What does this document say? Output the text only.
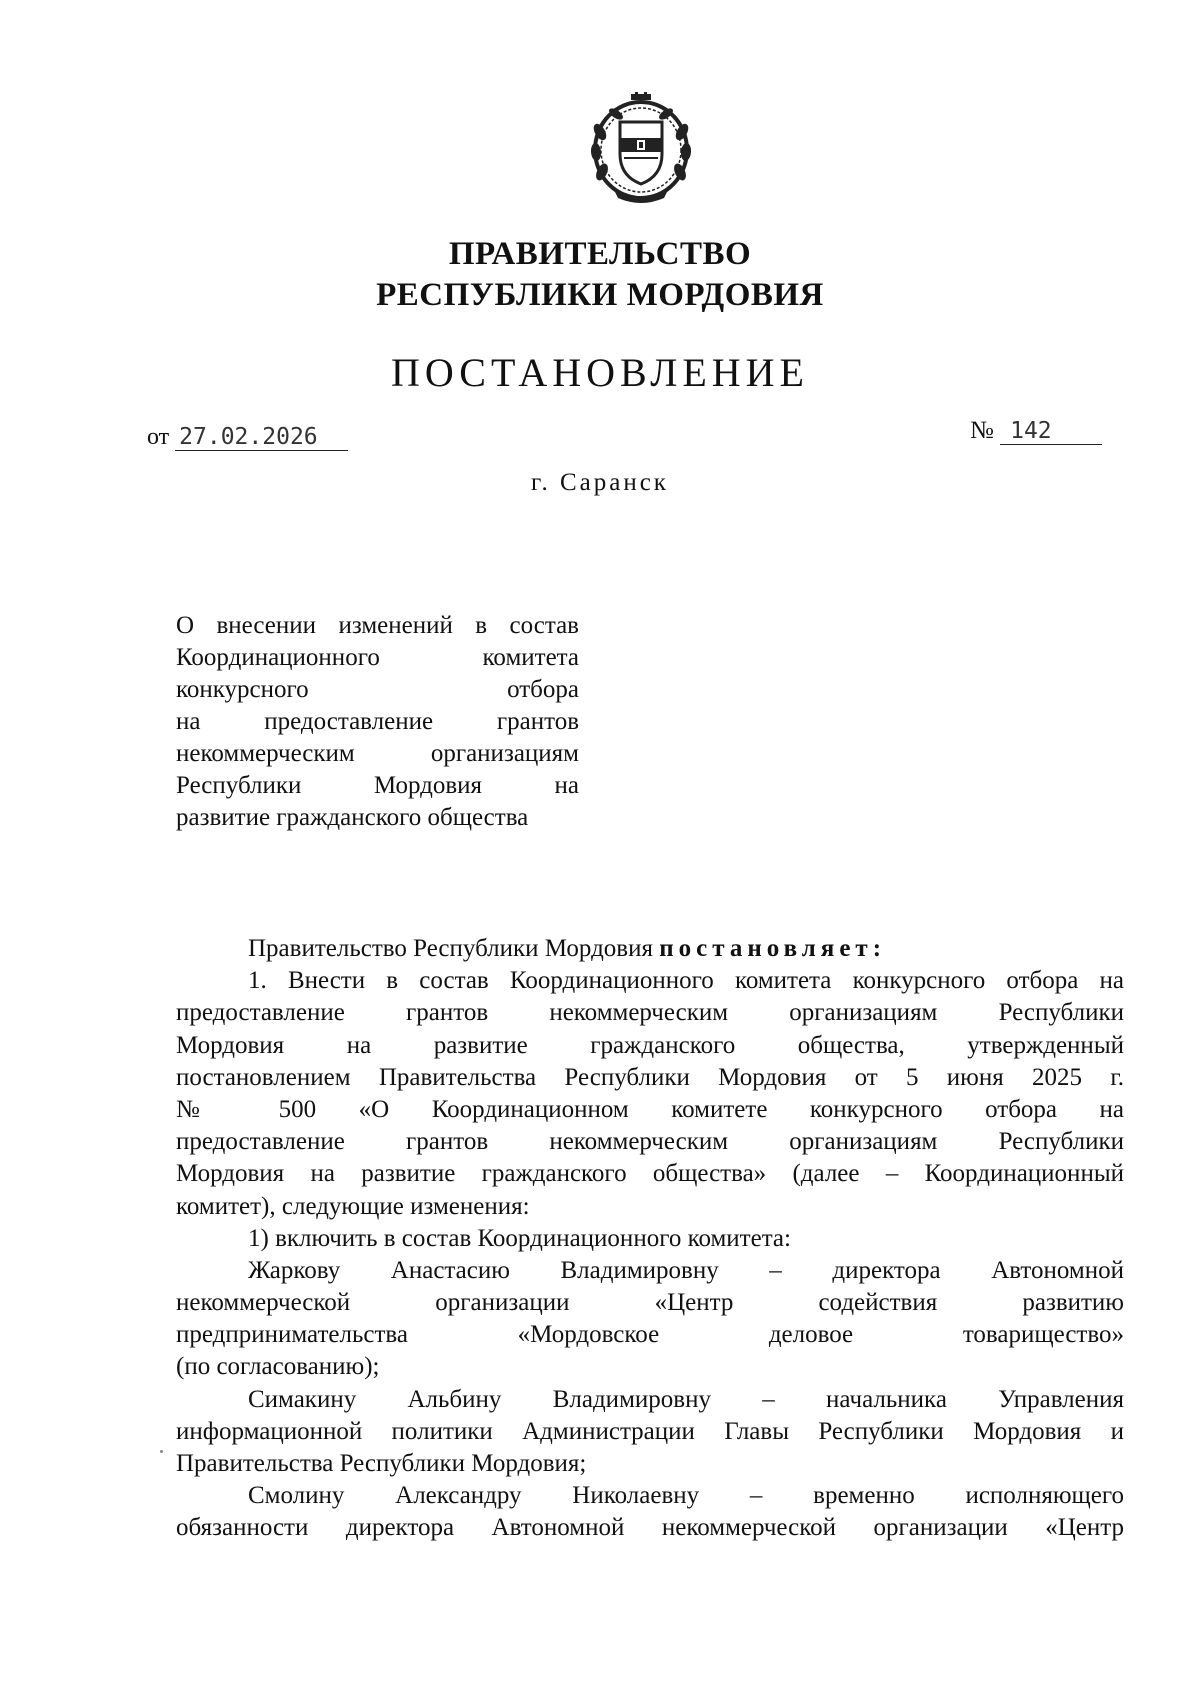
ПРАВИТЕЛЬСТВО
РЕСПУБЛИКИ МОРДОВИЯ
ПОСТАНОВЛЕНИЕ
от 27.02.2026	№ 142
г. Саранск
О внесении изменений в состав
Координационного комитета
конкурсного отбора
на предоставление грантов
некоммерческим организациям
Республики Мордовия на
развитие гражданского общества
Правительство Республики Мордовия постановляет:
1. Внести в состав Координационного комитета конкурсного отбора на
предоставление грантов некоммерческим организациям Республики
Мордовия на развитие гражданского общества, утвержденный
постановлением Правительства Республики Мордовия от 5 июня 2025 г.
№ 500 «О Координационном комитете конкурсного отбора на
предоставление грантов некоммерческим организациям Республики
Мордовия на развитие гражданского общества» (далее – Координационный
комитет), следующие изменения:
1) включить в состав Координационного комитета:
Жаркову Анастасию Владимировну – директора Автономной
некоммерческой организации «Центр содействия развитию
предпринимательства «Мордовское деловое товарищество»
(по согласованию);
Симакину Альбину Владимировну – начальника Управления
информационной политики Администрации Главы Республики Мордовия и
Правительства Республики Мордовия;
Смолину Александру Николаевну – временно исполняющего
обязанности директора Автономной некоммерческой организации «Центр
